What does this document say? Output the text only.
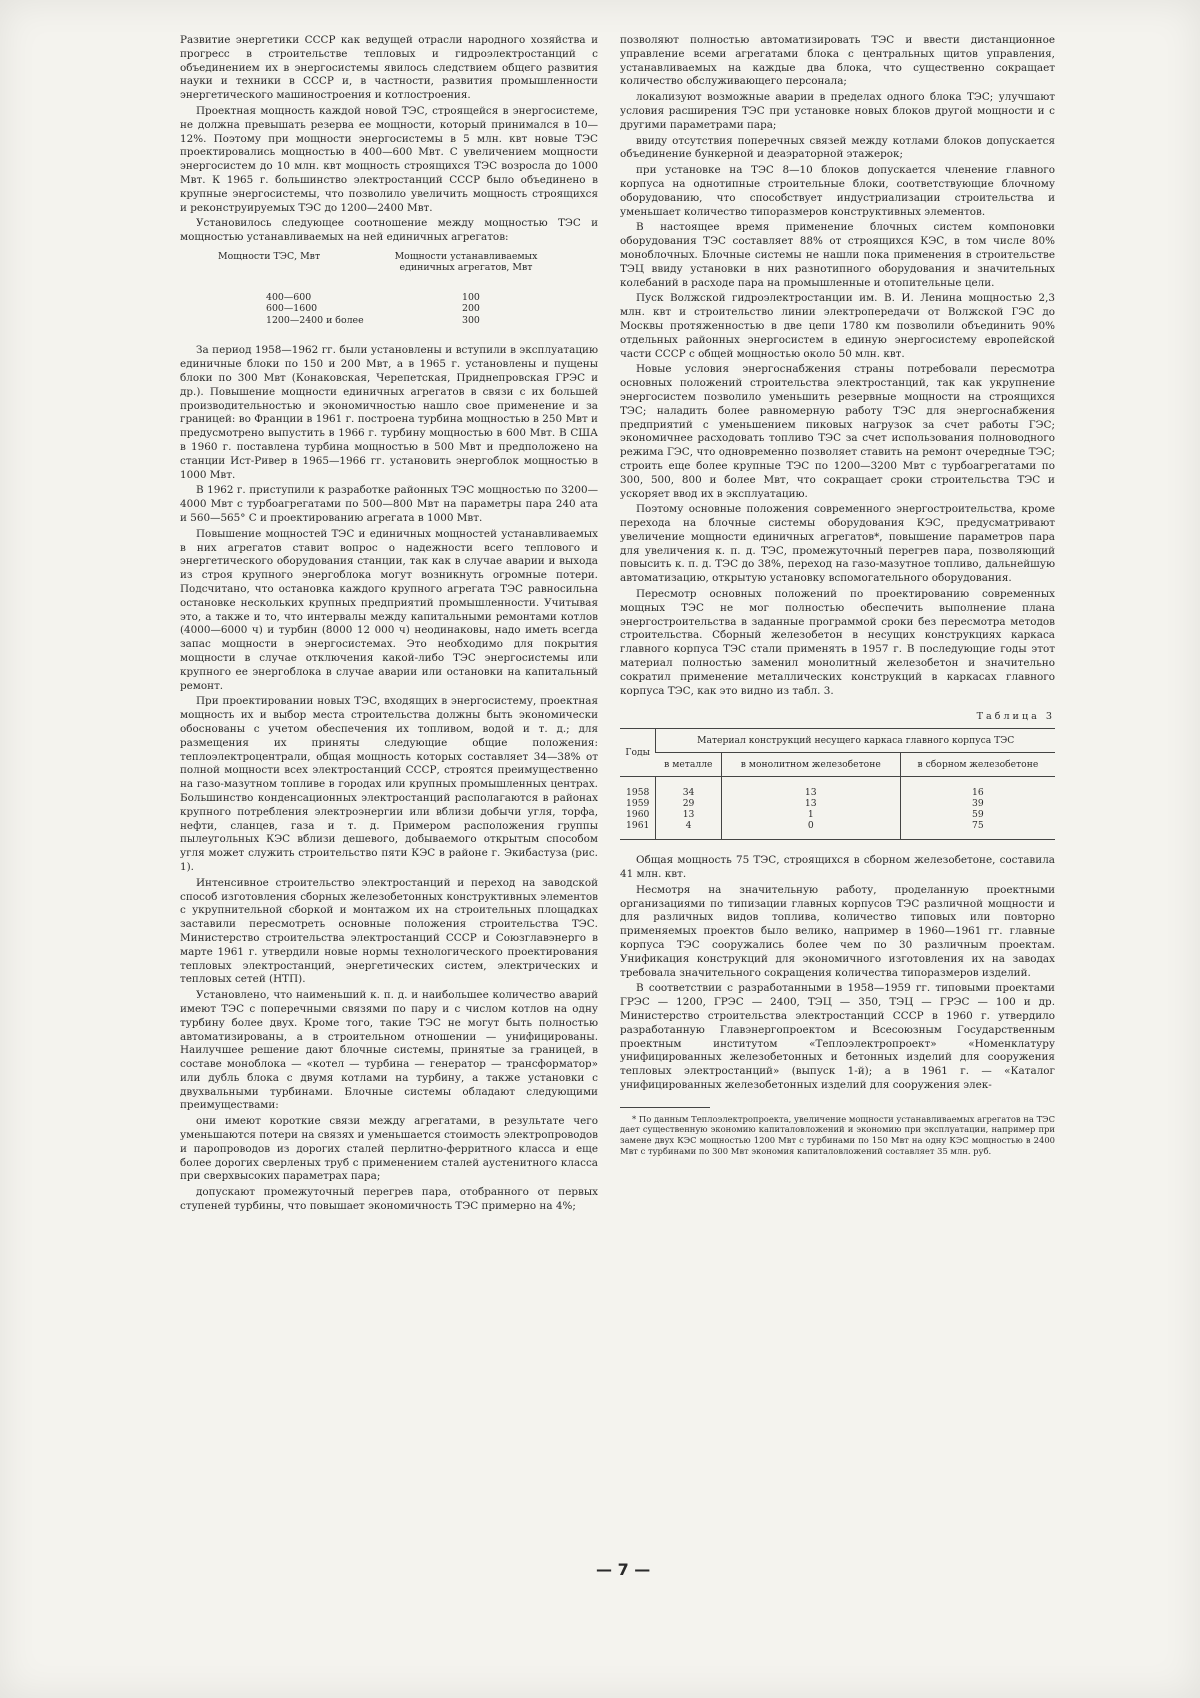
Развитие энергетики СССР как ведущей отрасли народного хозяйства и прогресс в строительстве тепловых и гидроэлектростанций с объединением их в энергосистемы явилось следствием общего развития науки и техники в СССР и, в частности, развития промышленности энергетического машиностроения и котлостроения.

Проектная мощность каждой новой ТЭС, строящейся в энергосистеме, не должна превышать резерва ее мощности, который принимался в 10—12%. Поэтому при мощности энергосистемы в 5 млн. квт новые ТЭС проектировались мощностью в 400—600 Мвт. С увеличением мощности энергосистем до 10 млн. квт мощность строящихся ТЭС возросла до 1000 Мвт. К 1965 г. большинство электростанций СССР было объединено в крупные энергосистемы, что позволило увеличить мощность строящихся и реконструируемых ТЭС до 1200—2400 Мвт.

Установилось следующее соотношение между мощностью ТЭС и мощностью устанавливаемых на ней единичных агрегатов:

Мощности ТЭС, Мвт	Мощности устанавливаемых единичных агрегатов, Мвт
400—600	100
600—1600	200
1200—2400 и более	300

За период 1958—1962 гг. были установлены и вступили в эксплуатацию единичные блоки по 150 и 200 Мвт, а в 1965 г. установлены и пущены блоки по 300 Мвт (Конаковская, Черепетская, Приднепровская ГРЭС и др.). Повышение мощности единичных агрегатов в связи с их большей производительностью и экономичностью нашло свое применение и за границей: во Франции в 1961 г. построена турбина мощностью в 250 Мвт и предусмотрено выпустить в 1966 г. турбину мощностью в 600 Мвт. В США в 1960 г. поставлена турбина мощностью в 500 Мвт и предположено на станции Ист-Ривер в 1965—1966 гг. установить энергоблок мощностью в 1000 Мвт.

В 1962 г. приступили к разработке районных ТЭС мощностью по 3200—4000 Мвт с турбоагрегатами по 500—800 Мвт на параметры пара 240 ата и 560—565° С и проектированию агрегата в 1000 Мвт.

Повышение мощностей ТЭС и единичных мощностей устанавливаемых в них агрегатов ставит вопрос о надежности всего теплового и энергетического оборудования станции, так как в случае аварии и выхода из строя крупного энергоблока могут возникнуть огромные потери. Подсчитано, что остановка каждого крупного агрегата ТЭС равносильна остановке нескольких крупных предприятий промышленности. Учитывая это, а также и то, что интервалы между капитальными ремонтами котлов (4000—6000 ч) и турбин (8000 12 000 ч) неодинаковы, надо иметь всегда запас мощности в энергосистемах. Это необходимо для покрытия мощности в случае отключения какой-либо ТЭС энергосистемы или крупного ее энергоблока в случае аварии или остановки на капитальный ремонт.

При проектировании новых ТЭС, входящих в энергосистему, проектная мощность их и выбор места строительства должны быть экономически обоснованы с учетом обеспечения их топливом, водой и т. д.; для размещения их приняты следующие общие положения: теплоэлектроцентрали, общая мощность которых составляет 34—38% от полной мощности всех электростанций СССР, строятся преимущественно на газо-мазутном топливе в городах или крупных промышленных центрах. Большинство конденсационных электростанций располагаются в районах крупного потребления электроэнергии или вблизи добычи угля, торфа, нефти, сланцев, газа и т. д. Примером расположения группы пылеугольных КЭС вблизи дешевого, добываемого открытым способом угля может служить строительство пяти КЭС в районе г. Экибастуза (рис. 1).

Интенсивное строительство электростанций и переход на заводской способ изготовления сборных железобетонных конструктивных элементов с укрупнительной сборкой и монтажом их на строительных площадках заставили пересмотреть основные положения строительства ТЭС. Министерство строительства электростанций СССР и Союзглавэнерго в марте 1961 г. утвердили новые нормы технологического проектирования тепловых электростанций, энергетических систем, электрических и тепловых сетей (НТП).

Установлено, что наименьший к. п. д. и наибольшее количество аварий имеют ТЭС с поперечными связями по пару и с числом котлов на одну турбину более двух. Кроме того, такие ТЭС не могут быть полностью автоматизированы, а в строительном отношении — унифицированы. Наилучшее решение дают блочные системы, принятые за границей, в составе моноблока — «котел — турбина — генератор — трансформатор» или дубль блока с двумя котлами на турбину, а также установки с двухвальными турбинами. Блочные системы обладают следующими преимуществами:

они имеют короткие связи между агрегатами, в результате чего уменьшаются потери на связях и уменьшается стоимость электропроводов и паропроводов из дорогих сталей перлитно-ферритного класса и еще более дорогих сверленых труб с применением сталей аустенитного класса при сверхвысоких параметрах пара;

допускают промежуточный перегрев пара, отобранного от первых ступеней турбины, что повышает экономичность ТЭС примерно на 4%;

позволяют полностью автоматизировать ТЭС и ввести дистанционное управление всеми агрегатами блока с центральных щитов управления, устанавливаемых на каждые два блока, что существенно сокращает количество обслуживающего персонала;

локализуют возможные аварии в пределах одного блока ТЭС; улучшают условия расширения ТЭС при установке новых блоков другой мощности и с другими параметрами пара;

ввиду отсутствия поперечных связей между котлами блоков допускается объединение бункерной и деаэраторной этажерок;

при установке на ТЭС 8—10 блоков допускается членение главного корпуса на однотипные строительные блоки, соответствующие блочному оборудованию, что способствует индустриализации строительства и уменьшает количество типоразмеров конструктивных элементов.

В настоящее время применение блочных систем компоновки оборудования ТЭС составляет 88% от строящихся КЭС, в том числе 80% моноблочных. Блочные системы не нашли пока применения в строительстве ТЭЦ ввиду установки в них разнотипного оборудования и значительных колебаний в расходе пара на промышленные и отопительные цели.

Пуск Волжской гидроэлектростанции им. В. И. Ленина мощностью 2,3 млн. квт и строительство линии электропередачи от Волжской ГЭС до Москвы протяженностью в две цепи 1780 км позволили объединить 90% отдельных районных энергосистем в единую энергосистему европейской части СССР с общей мощностью около 50 млн. квт.

Новые условия энергоснабжения страны потребовали пересмотра основных положений строительства электростанций, так как укрупнение энергосистем позволило уменьшить резервные мощности на строящихся ТЭС; наладить более равномерную работу ТЭС для энергоснабжения предприятий с уменьшением пиковых нагрузок за счет работы ГЭС; экономичнее расходовать топливо ТЭС за счет использования полноводного режима ГЭС, что одновременно позволяет ставить на ремонт очередные ТЭС; строить еще более крупные ТЭС по 1200—3200 Мвт с турбоагрегатами по 300, 500, 800 и более Мвт, что сокращает сроки строительства ТЭС и ускоряет ввод их в эксплуатацию.

Поэтому основные положения современного энергостроительства, кроме перехода на блочные системы оборудования КЭС, предусматривают увеличение мощности единичных агрегатов*, повышение параметров пара для увеличения к. п. д. ТЭС, промежуточный перегрев пара, позволяющий повысить к. п. д. ТЭС до 38%, переход на газо-мазутное топливо, дальнейшую автоматизацию, открытую установку вспомогательного оборудования.

Пересмотр основных положений по проектированию современных мощных ТЭС не мог полностью обеспечить выполнение плана энергостроительства в заданные программой сроки без пересмотра методов строительства. Сборный железобетон в несущих конструкциях каркаса главного корпуса ТЭС стали применять в 1957 г. В последующие годы этот материал полностью заменил монолитный железобетон и значительно сократил применение металлических конструкций в каркасах главного корпуса ТЭС, как это видно из табл. 3.

Таблица 3
Годы	Материал конструкций несущего каркаса главного корпуса ТЭС		
	в металле	в монолитном железобетоне	в сборном железобетоне
1958	34	13	16
1959	29	13	39
1960	13	1	59
1961	4	0	75

Общая мощность 75 ТЭС, строящихся в сборном железобетоне, составила 41 млн. квт.

Несмотря на значительную работу, проделанную проектными организациями по типизации главных корпусов ТЭС различной мощности и для различных видов топлива, количество типовых или повторно применяемых проектов было велико, например в 1960—1961 гг. главные корпуса ТЭС сооружались более чем по 30 различным проектам. Унификация конструкций для экономичного изготовления их на заводах требовала значительного сокращения количества типоразмеров изделий.

В соответствии с разработанными в 1958—1959 гг. типовыми проектами ГРЭС — 1200, ГРЭС — 2400, ТЭЦ — 350, ТЭЦ — ГРЭС — 100 и др. Министерство строительства электростанций СССР в 1960 г. утвердило разработанную Главэнергопроектом и Всесоюзным Государственным проектным институтом «Теплоэлектропроект» «Номенклатуру унифицированных железобетонных и бетонных изделий для сооружения тепловых электростанций» (выпуск 1-й); а в 1961 г. — «Каталог унифицированных железобетонных изделий для сооружения элек-

* По данным Теплоэлектропроекта, увеличение мощности устанавливаемых агрегатов на ТЭС дает существенную экономию капиталовложений и экономию при эксплуатации, например при замене двух КЭС мощностью 1200 Мвт с турбинами по 150 Мвт на одну КЭС мощностью в 2400 Мвт с турбинами по 300 Мвт экономия капиталовложений составляет 35 млн. руб.

— 7 —
